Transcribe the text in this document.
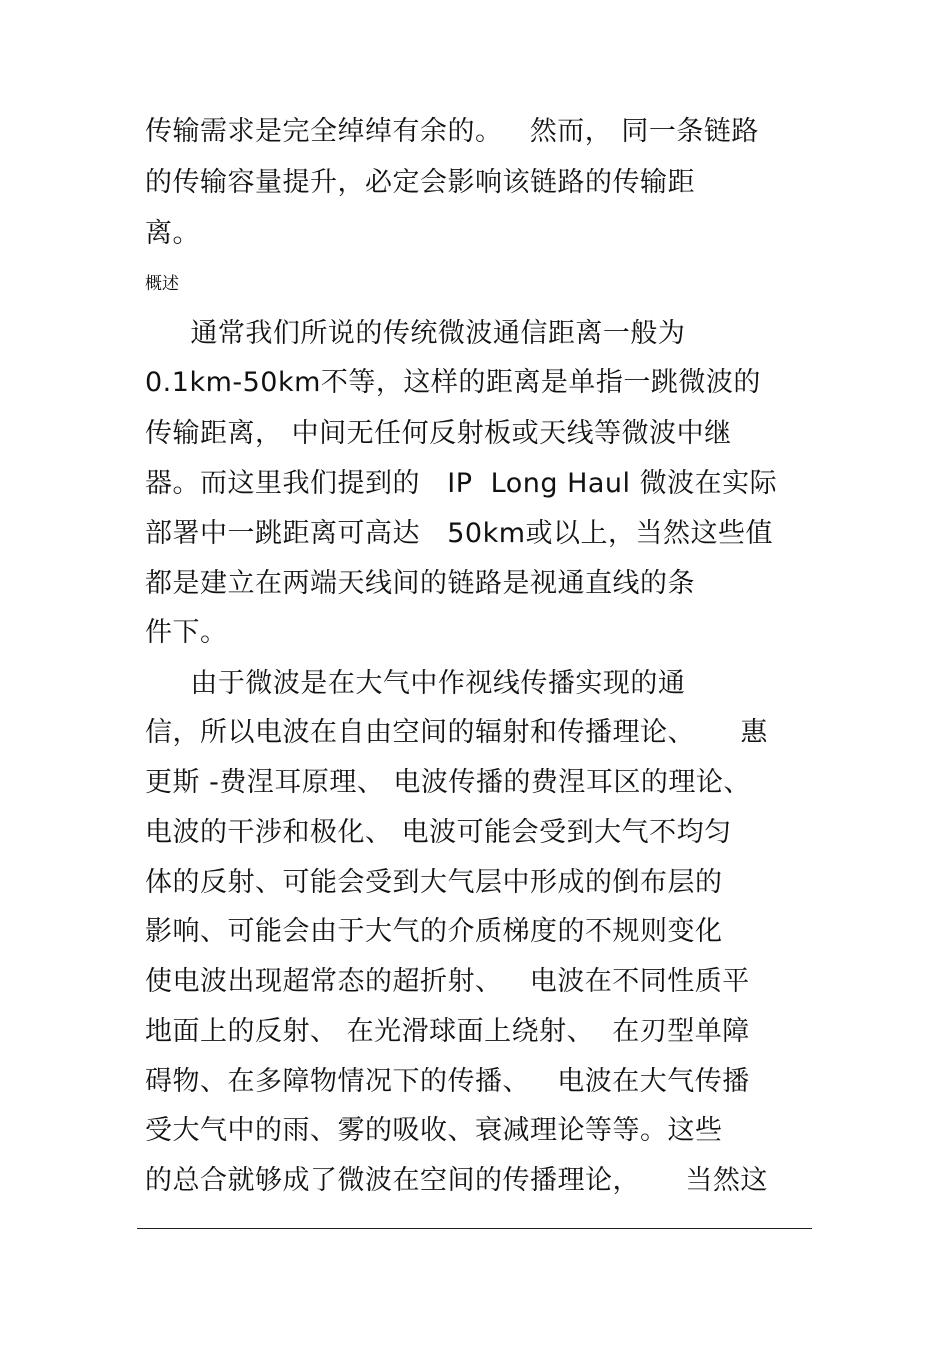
传输需求是完全绰绰有余的。   然而， 同一条链路
的传输容量提升，必定会影响该链路的传输距
离。
概述
通常我们所说的传统微波通信距离一般为
0.1km-50km不等，这样的距离是单指一跳微波的
传输距离， 中间无任何反射板或天线等微波中继
器。而这里我们提到的   IP  Long Haul 微波在实际
部署中一跳距离可高达   50km或以上，当然这些值
都是建立在两端天线间的链路是视通直线的条
件下。
由于微波是在大气中作视线传播实现的通
信，所以电波在自由空间的辐射和传播理论、     惠
更斯 -费涅耳原理、 电波传播的费涅耳区的理论、
电波的干涉和极化、 电波可能会受到大气不均匀
体的反射、可能会受到大气层中形成的倒布层的
影响、可能会由于大气的介质梯度的不规则变化
使电波出现超常态的超折射、   电波在不同性质平
地面上的反射、 在光滑球面上绕射、  在刃型单障
碍物、在多障物情况下的传播、   电波在大气传播
受大气中的雨、雾的吸收、衰减理论等等。这些
的总合就够成了微波在空间的传播理论，     当然这
